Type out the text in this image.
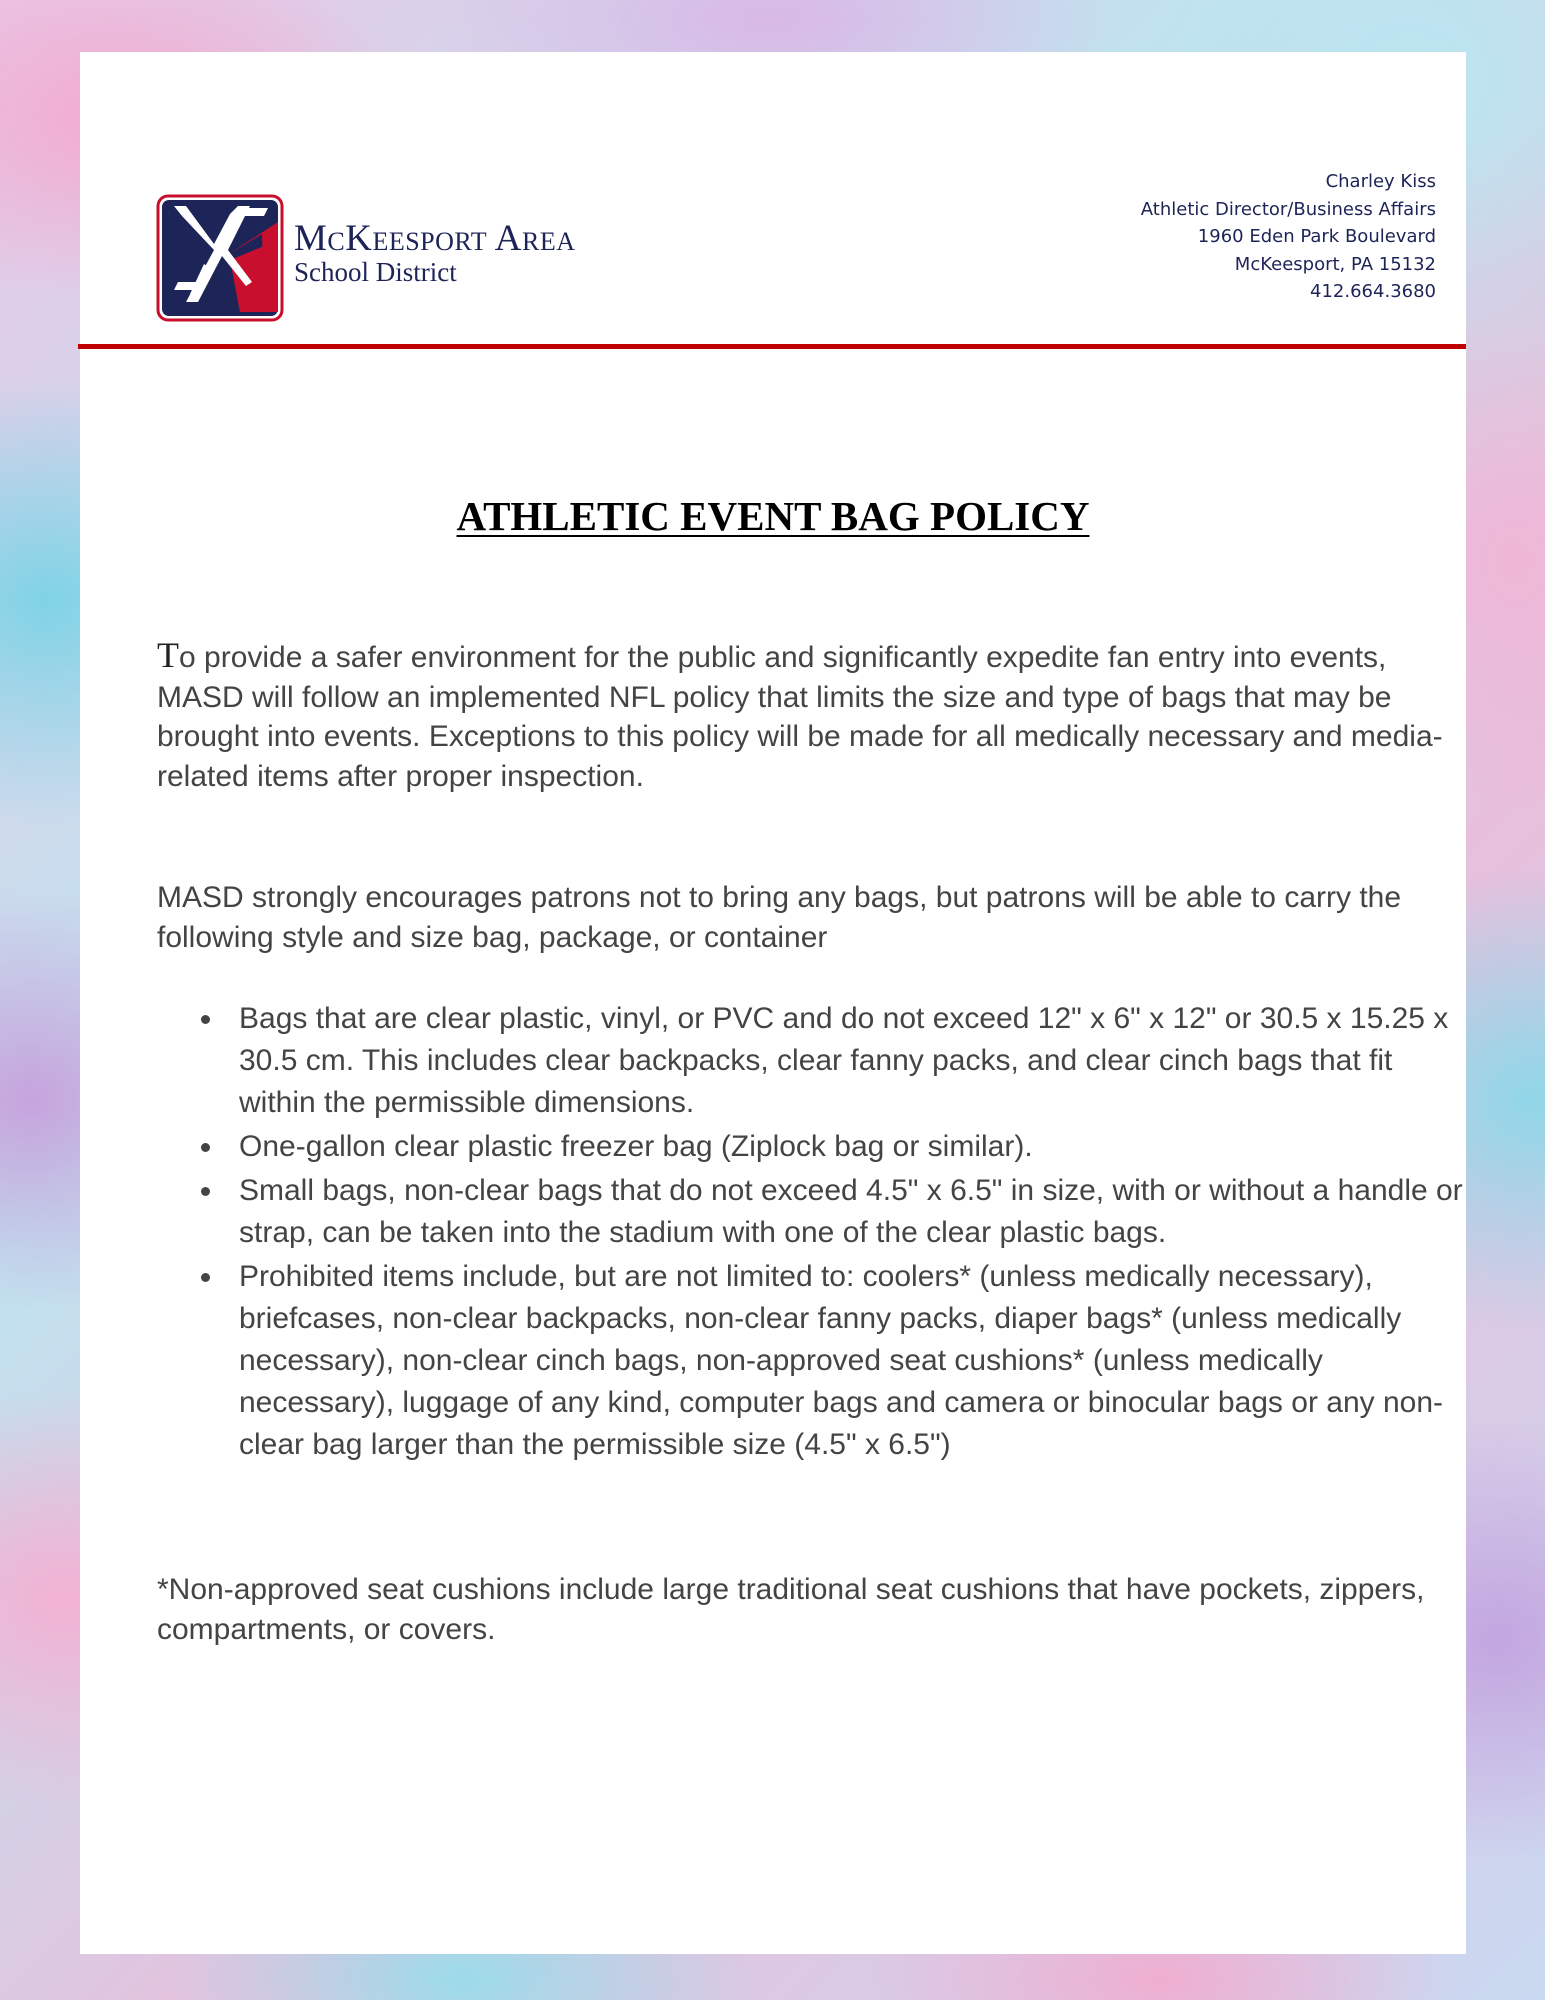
McKeesport Area
School District
Charley Kiss
Athletic Director/Business Affairs
1960 Eden Park Boulevard
McKeesport, PA 15132
412.664.3680
ATHLETIC EVENT BAG POLICY
To provide a safer environment for the public and significantly expedite fan entry into events, MASD will follow an implemented NFL policy that limits the size and type of bags that may be brought into events. Exceptions to this policy will be made for all medically necessary and media-related items after proper inspection.
MASD strongly encourages patrons not to bring any bags, but patrons will be able to carry the following style and size bag, package, or container
Bags that are clear plastic, vinyl, or PVC and do not exceed 12" x 6" x 12" or 30.5 x 15.25 x 30.5 cm. This includes clear backpacks, clear fanny packs, and clear cinch bags that fit within the permissible dimensions.
One-gallon clear plastic freezer bag (Ziplock bag or similar).
Small bags, non-clear bags that do not exceed 4.5" x 6.5" in size, with or without a handle or strap, can be taken into the stadium with one of the clear plastic bags.
Prohibited items include, but are not limited to: coolers* (unless medically necessary), briefcases, non-clear backpacks, non-clear fanny packs, diaper bags* (unless medically necessary), non-clear cinch bags, non-approved seat cushions* (unless medically necessary), luggage of any kind, computer bags and camera or binocular bags or any non-clear bag larger than the permissible size (4.5" x 6.5")
*Non-approved seat cushions include large traditional seat cushions that have pockets, zippers, compartments, or covers.
